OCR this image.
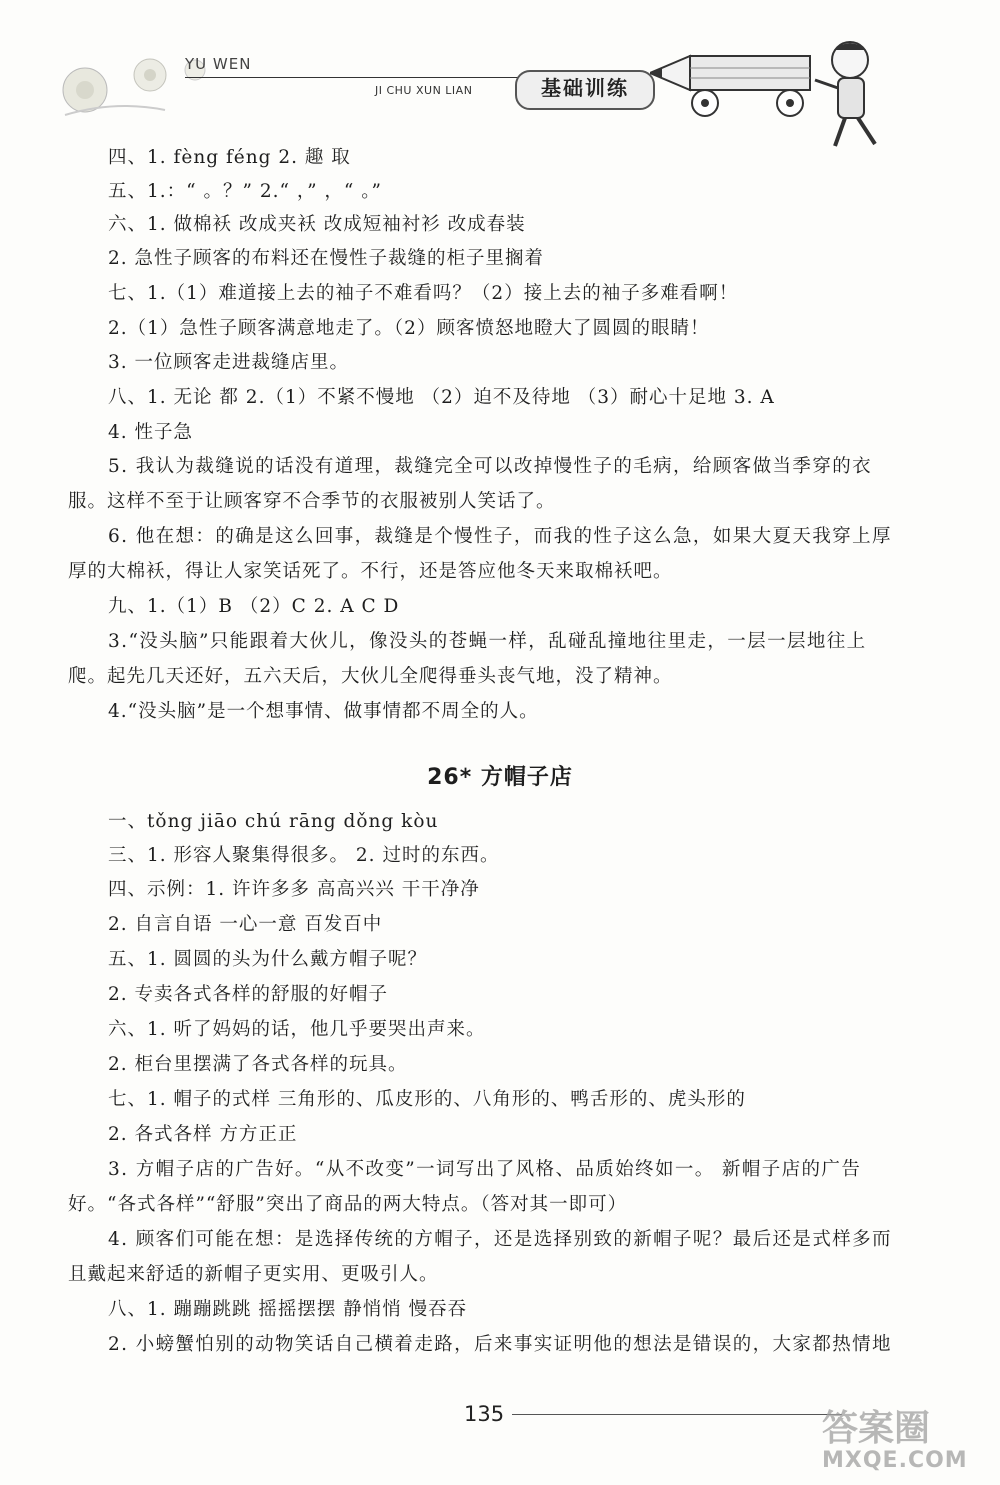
YU WEN
JI CHU XUN LIAN	基础训练
四、1. fèng féng 2. 趣 取
五、1.：“ 。？” 2.“ ，” ，“ 。”
六、1. 做棉袄 改成夹袄 改成短袖衬衫 改成春装
2. 急性子顾客的布料还在慢性子裁缝的柜子里搁着
七、1.（1）难道接上去的袖子不难看吗？（2）接上去的袖子多难看啊！
2.（1）急性子顾客满意地走了。（2）顾客愤怒地瞪大了圆圆的眼睛！
3. 一位顾客走进裁缝店里。
八、1. 无论 都 2.（1）不紧不慢地 （2）迫不及待地 （3）耐心十足地 3. A
4. 性子急
5. 我认为裁缝说的话没有道理，裁缝完全可以改掉慢性子的毛病，给顾客做当季穿的衣
服。这样不至于让顾客穿不合季节的衣服被别人笑话了。
6. 他在想：的确是这么回事，裁缝是个慢性子，而我的性子这么急，如果大夏天我穿上厚
厚的大棉袄，得让人家笑话死了。不行，还是答应他冬天来取棉袄吧。
九、1.（1）B （2）C 2. A C D
3.“没头脑”只能跟着大伙儿，像没头的苍蝇一样，乱碰乱撞地往里走，一层一层地往上
爬。起先几天还好，五六天后，大伙儿全爬得垂头丧气地，没了精神。
4.“没头脑”是一个想事情、做事情都不周全的人。
26* 方帽子店
一、tǒng jiāo chú rāng dǒng kòu
三、1. 形容人聚集得很多。 2. 过时的东西。
四、示例：1. 许许多多 高高兴兴 干干净净
2. 自言自语 一心一意 百发百中
五、1. 圆圆的头为什么戴方帽子呢？
2. 专卖各式各样的舒服的好帽子
六、1. 听了妈妈的话，他几乎要哭出声来。
2. 柜台里摆满了各式各样的玩具。
七、1. 帽子的式样 三角形的、瓜皮形的、八角形的、鸭舌形的、虎头形的
2. 各式各样 方方正正
3. 方帽子店的广告好。“从不改变”一词写出了风格、品质始终如一。 新帽子店的广告
好。“各式各样”“舒服”突出了商品的两大特点。（答对其一即可）
4. 顾客们可能在想：是选择传统的方帽子，还是选择别致的新帽子呢？最后还是式样多而
且戴起来舒适的新帽子更实用、更吸引人。
八、1. 蹦蹦跳跳 摇摇摆摆 静悄悄 慢吞吞
2. 小螃蟹怕别的动物笑话自己横着走路，后来事实证明他的想法是错误的，大家都热情地
135	答案圈
MXQE.COM
